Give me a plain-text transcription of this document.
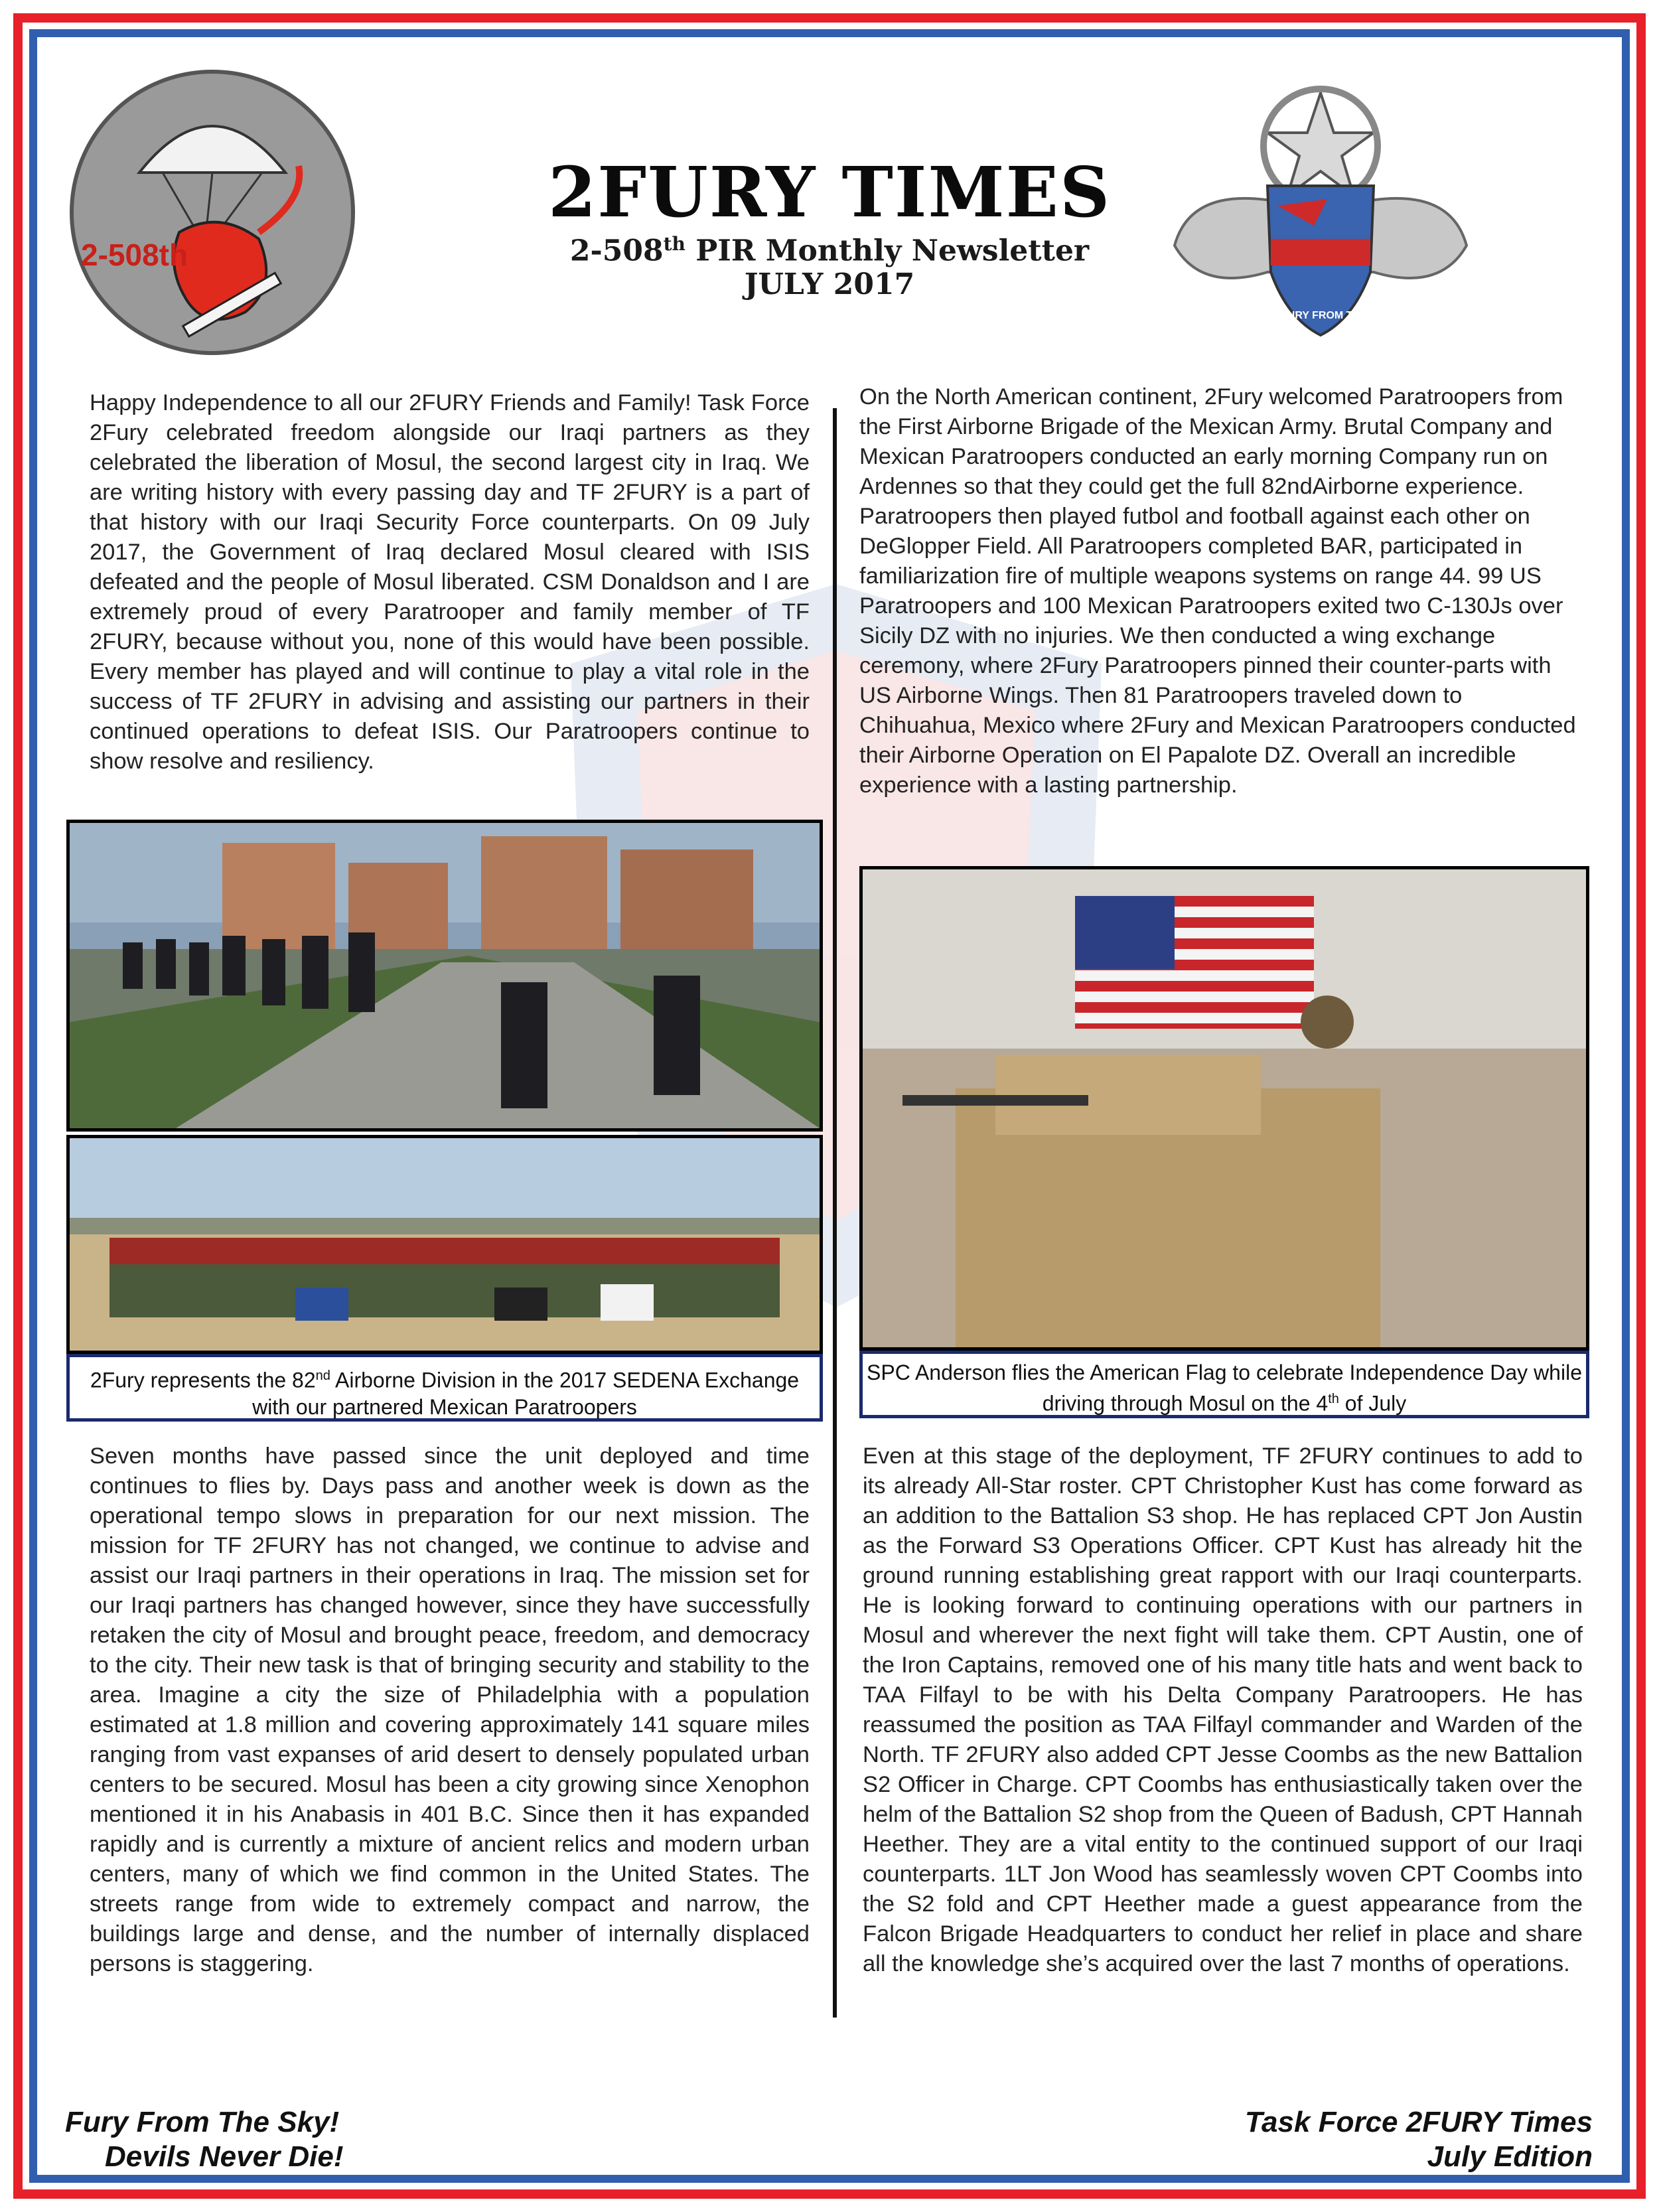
2-508th
FURY FROM THE SKY
2FURY TIMES
2-508th PIR Monthly Newsletter
JULY 2017
Happy Independence to all our 2FURY Friends and Family! Task Force 2Fury celebrated freedom alongside our Iraqi partners as they celebrated the liberation of Mosul, the second largest city in Iraq. We are writing history with every passing day and TF 2FURY is a part of that history with our Iraqi Security Force counterparts. On 09 July 2017, the Government of Iraq declared Mosul cleared with ISIS defeated and the people of Mosul liberated. CSM Donaldson and I are extremely proud of every Paratrooper and family member of TF 2FURY, because without you, none of this would have been possible. Every member has played and will continue to play a vital role in the success of TF 2FURY in advising and assisting our partners in their continued operations to defeat ISIS. Our Paratroopers continue to show resolve and resiliency.
On the North American continent, 2Fury welcomed Paratroopers from the First Airborne Brigade of the Mexican Army. Brutal Company and Mexican Paratroopers conducted an early morning Company run on Ardennes so that they could get the full 82ndAirborne experience. Paratroopers then played futbol and football against each other on DeGlopper Field. All Paratroopers completed BAR, participated in familiarization fire of multiple weapons systems on range 44. 99 US Paratroopers and 100 Mexican Paratroopers exited two C-130Js over Sicily DZ with no injuries. We then conducted a wing exchange ceremony, where 2Fury Paratroopers pinned their counter-parts with US Airborne Wings. Then 81 Paratroopers traveled down to Chihuahua, Mexico where 2Fury and Mexican Paratroopers conducted their Airborne Operation on El Papalote DZ. Overall an incredible experience with a lasting partnership.
2Fury represents the 82nd Airborne Division in the 2017 SEDENA Exchange with our partnered Mexican Paratroopers
SPC Anderson flies the American Flag to celebrate Independence Day while driving through Mosul on the 4th of July
Seven months have passed since the unit deployed and time continues to flies by. Days pass and another week is down as the operational tempo slows in preparation for our next mission. The mission for TF 2FURY has not changed, we continue to advise and assist our Iraqi partners in their operations in Iraq. The mission set for our Iraqi partners has changed however, since they have successfully retaken the city of Mosul and brought peace, freedom, and democracy to the city. Their new task is that of bringing security and stability to the area. Imagine a city the size of Philadelphia with a population estimated at 1.8 million and covering approximately 141 square miles ranging from vast expanses of arid desert to densely populated urban centers to be secured. Mosul has been a city growing since Xenophon mentioned it in his Anabasis in 401 B.C. Since then it has expanded rapidly and is currently a mixture of ancient relics and modern urban centers, many of which we find common in the United States. The streets range from wide to extremely compact and narrow, the buildings large and dense, and the number of internally displaced persons is staggering.
Even at this stage of the deployment, TF 2FURY continues to add to its already All-Star roster. CPT Christopher Kust has come forward as an addition to the Battalion S3 shop. He has replaced CPT Jon Austin as the Forward S3 Operations Officer. CPT Kust has already hit the ground running establishing great rapport with our Iraqi counterparts. He is looking forward to continuing operations with our partners in Mosul and wherever the next fight will take them. CPT Austin, one of the Iron Captains, removed one of his many title hats and went back to TAA Filfayl to be with his Delta Company Paratroopers. He has reassumed the position as TAA Filfayl commander and Warden of the North. TF 2FURY also added CPT Jesse Coombs as the new Battalion S2 Officer in Charge. CPT Coombs has enthusiastically taken over the helm of the Battalion S2 shop from the Queen of Badush, CPT Hannah Heether. They are a vital entity to the continued support of our Iraqi counterparts. 1LT Jon Wood has seamlessly woven CPT Coombs into the S2 fold and CPT Heether made a guest appearance from the Falcon Brigade Headquarters to conduct her relief in place and share all the knowledge she’s acquired over the last 7 months of operations.
Fury From The Sky!
Devils Never Die!
Task Force 2FURY Times
July Edition
